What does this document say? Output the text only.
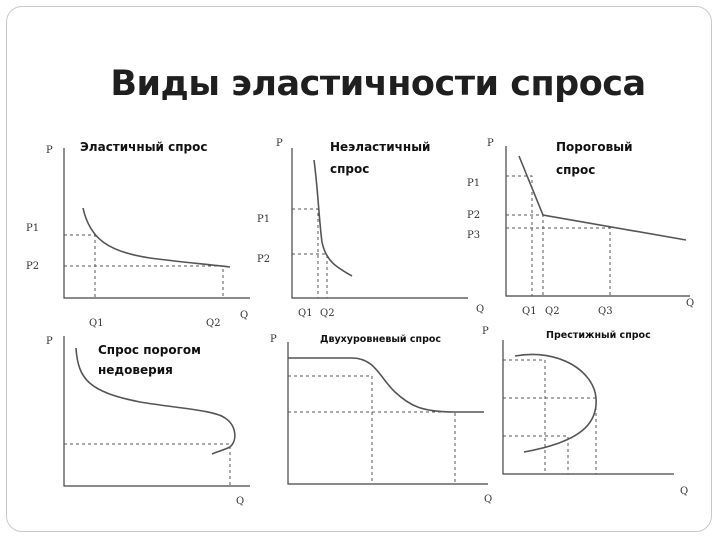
Виды эластичности спроса
P
Q
Эластичный спрос
P1
P2
Q1	Q2
P
Q
Неэластичный
спрос
P1
P2
Q1 Q2
P
Q
Пороговый
спрос
P1
P2
P3
Q1 Q2	Q3
P
Q
Спрос порогом
недоверия
P
Q
Двухуровневый спрос
P
Q
Престижный спрос
